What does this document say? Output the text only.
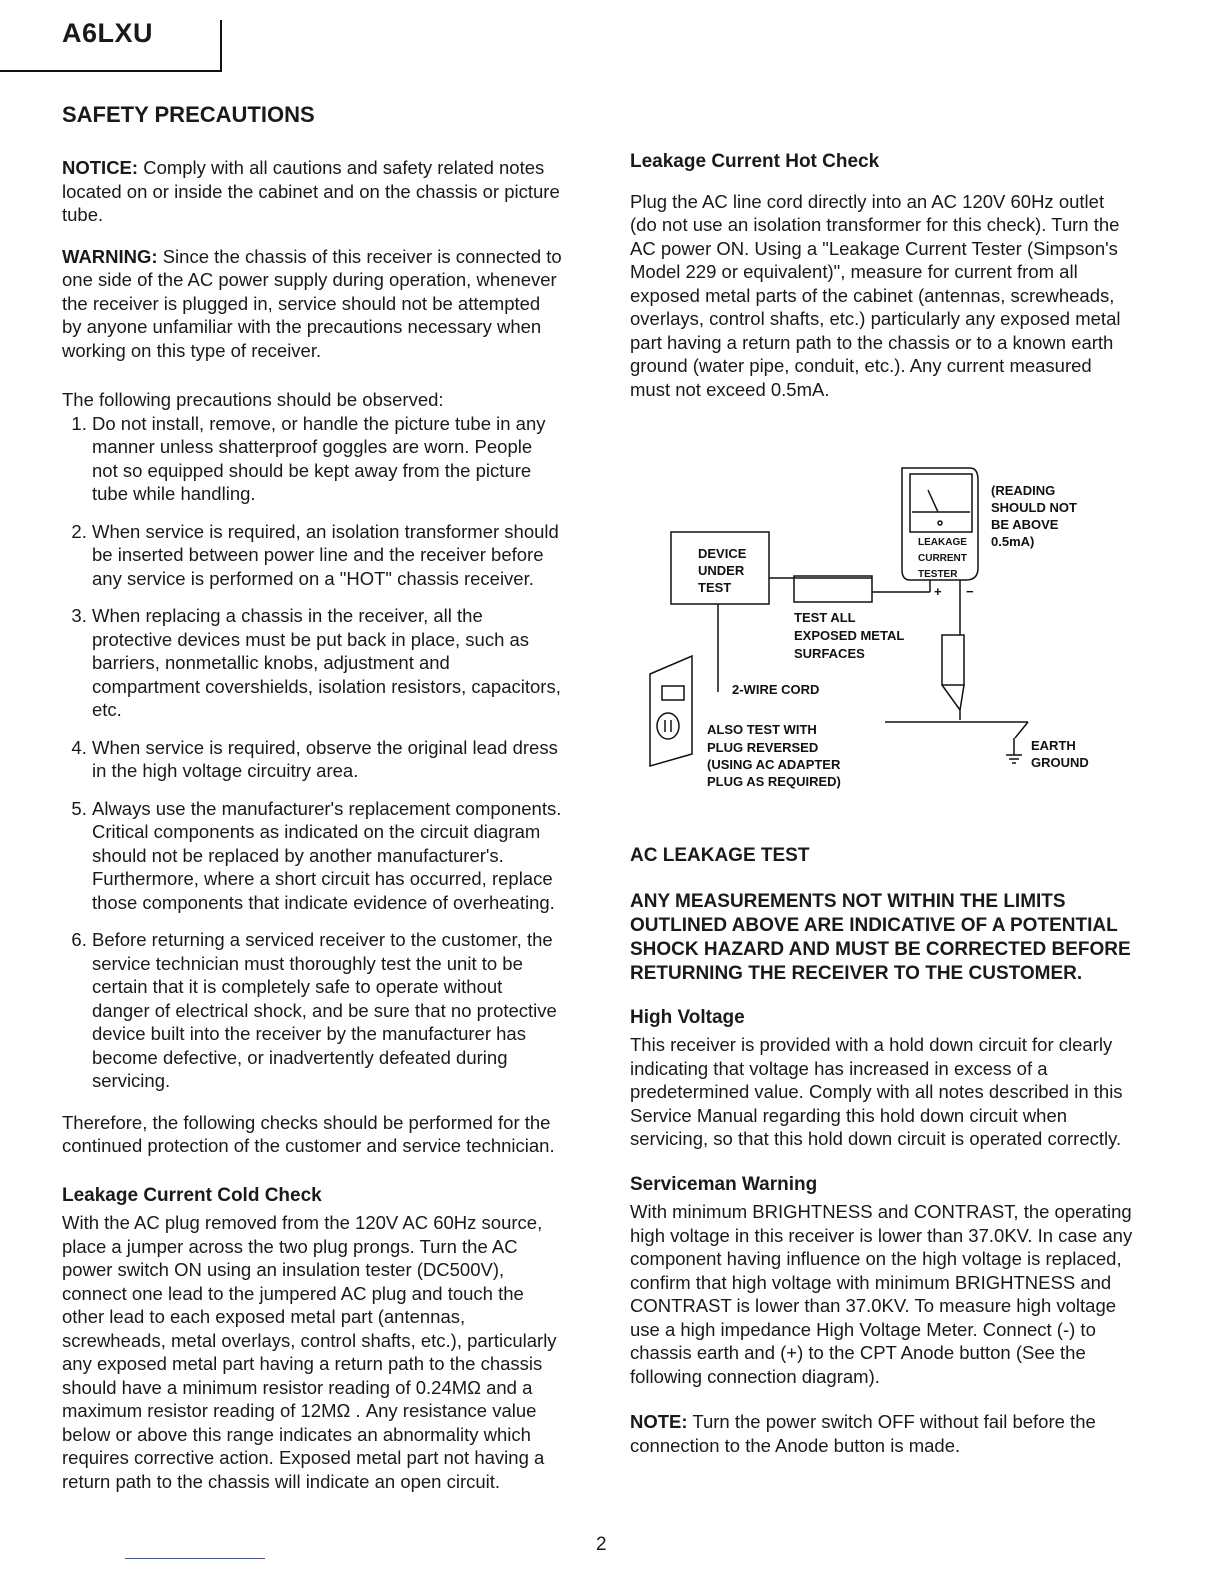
A6LXU
SAFETY PRECAUTIONS

NOTICE: Comply with all cautions and safety related notes located on or inside the cabinet and on the chassis or picture tube.

WARNING: Since the chassis of this receiver is connected to one side of the AC power supply during operation, whenever the receiver is plugged in, service should not be attempted by anyone unfamiliar with the precautions necessary when working on this type of receiver.

The following precautions should be observed:

1. Do not install, remove, or handle the picture tube in any manner unless shatterproof goggles are worn. People not so equipped should be kept away from the picture tube while handling.
2. When service is required, an isolation transformer should be inserted between power line and the receiver before any service is performed on a "HOT" chassis receiver.
3. When replacing a chassis in the receiver, all the protective devices must be put back in place, such as barriers, nonmetallic knobs, adjustment and compartment covershields, isolation resistors, capacitors, etc.
4. When service is required, observe the original lead dress in the high voltage circuitry area.
5. Always use the manufacturer's replacement components. Critical components as indicated on the circuit diagram should not be replaced by another manufacturer's. Furthermore, where a short circuit has occurred, replace those components that indicate evidence of overheating.
6. Before returning a serviced receiver to the customer, the service technician must thoroughly test the unit to be certain that it is completely safe to operate without danger of electrical shock, and be sure that no protective device built into the receiver by the manufacturer has become defective, or inadvertently defeated during servicing.

Therefore, the following checks should be performed for the continued protection of the customer and service technician.

Leakage Current Cold Check

With the AC plug removed from the 120V AC 60Hz source, place a jumper across the two plug prongs. Turn the AC power switch ON using an insulation tester (DC500V), connect one lead to the jumpered AC plug and touch the other lead to each exposed metal part (antennas, screwheads, metal overlays, control shafts, etc.), particularly any exposed metal part having a return path to the chassis should have a minimum resistor reading of 0.24MΩ and a maximum resistor reading of 12MΩ . Any resistance value below or above this range indicates an abnormality which requires corrective action. Exposed metal part not having a return path to the chassis will indicate an open circuit.

Leakage Current Hot Check

Plug the AC line cord directly into an AC 120V 60Hz outlet (do not use an isolation transformer for this check). Turn the AC power ON. Using a "Leakage Current Tester (Simpson's Model 229 or equivalent)", measure for current from all exposed metal parts of the cabinet (antennas, screwheads, overlays, control shafts, etc.) particularly any exposed metal part having a return path to the chassis or to a known earth ground (water pipe, conduit, etc.). Any current measured must not exceed 0.5mA.

DEVICE
UNDER
TEST
LEAKAGE
CURRENT
TESTER
(READING
SHOULD NOT
BE ABOVE
0.5mA)
+ −
TEST ALL
EXPOSED METAL
SURFACES
2-WIRE CORD
ALSO TEST WITH
PLUG REVERSED
(USING AC ADAPTER
PLUG AS REQUIRED)
EARTH
GROUND
AC LEAKAGE TEST

ANY MEASUREMENTS NOT WITHIN THE LIMITS OUTLINED ABOVE ARE INDICATIVE OF A POTENTIAL SHOCK HAZARD AND MUST BE CORRECTED BEFORE RETURNING THE RECEIVER TO THE CUSTOMER.

High Voltage

This receiver is provided with a hold down circuit for clearly indicating that voltage has increased in excess of a predetermined value. Comply with all notes described in this Service Manual regarding this hold down circuit when servicing, so that this hold down circuit is operated correctly.

Serviceman Warning

With minimum BRIGHTNESS and CONTRAST, the operating high voltage in this receiver is lower than 37.0KV. In case any component having influence on the high voltage is replaced, confirm that high voltage with minimum BRIGHTNESS and CONTRAST is lower than 37.0KV. To measure high voltage use a high impedance High Voltage Meter. Connect (-) to chassis earth and (+) to the CPT Anode button (See the following connection diagram).

NOTE: Turn the power switch OFF without fail before the connection to the Anode button is made.

2
